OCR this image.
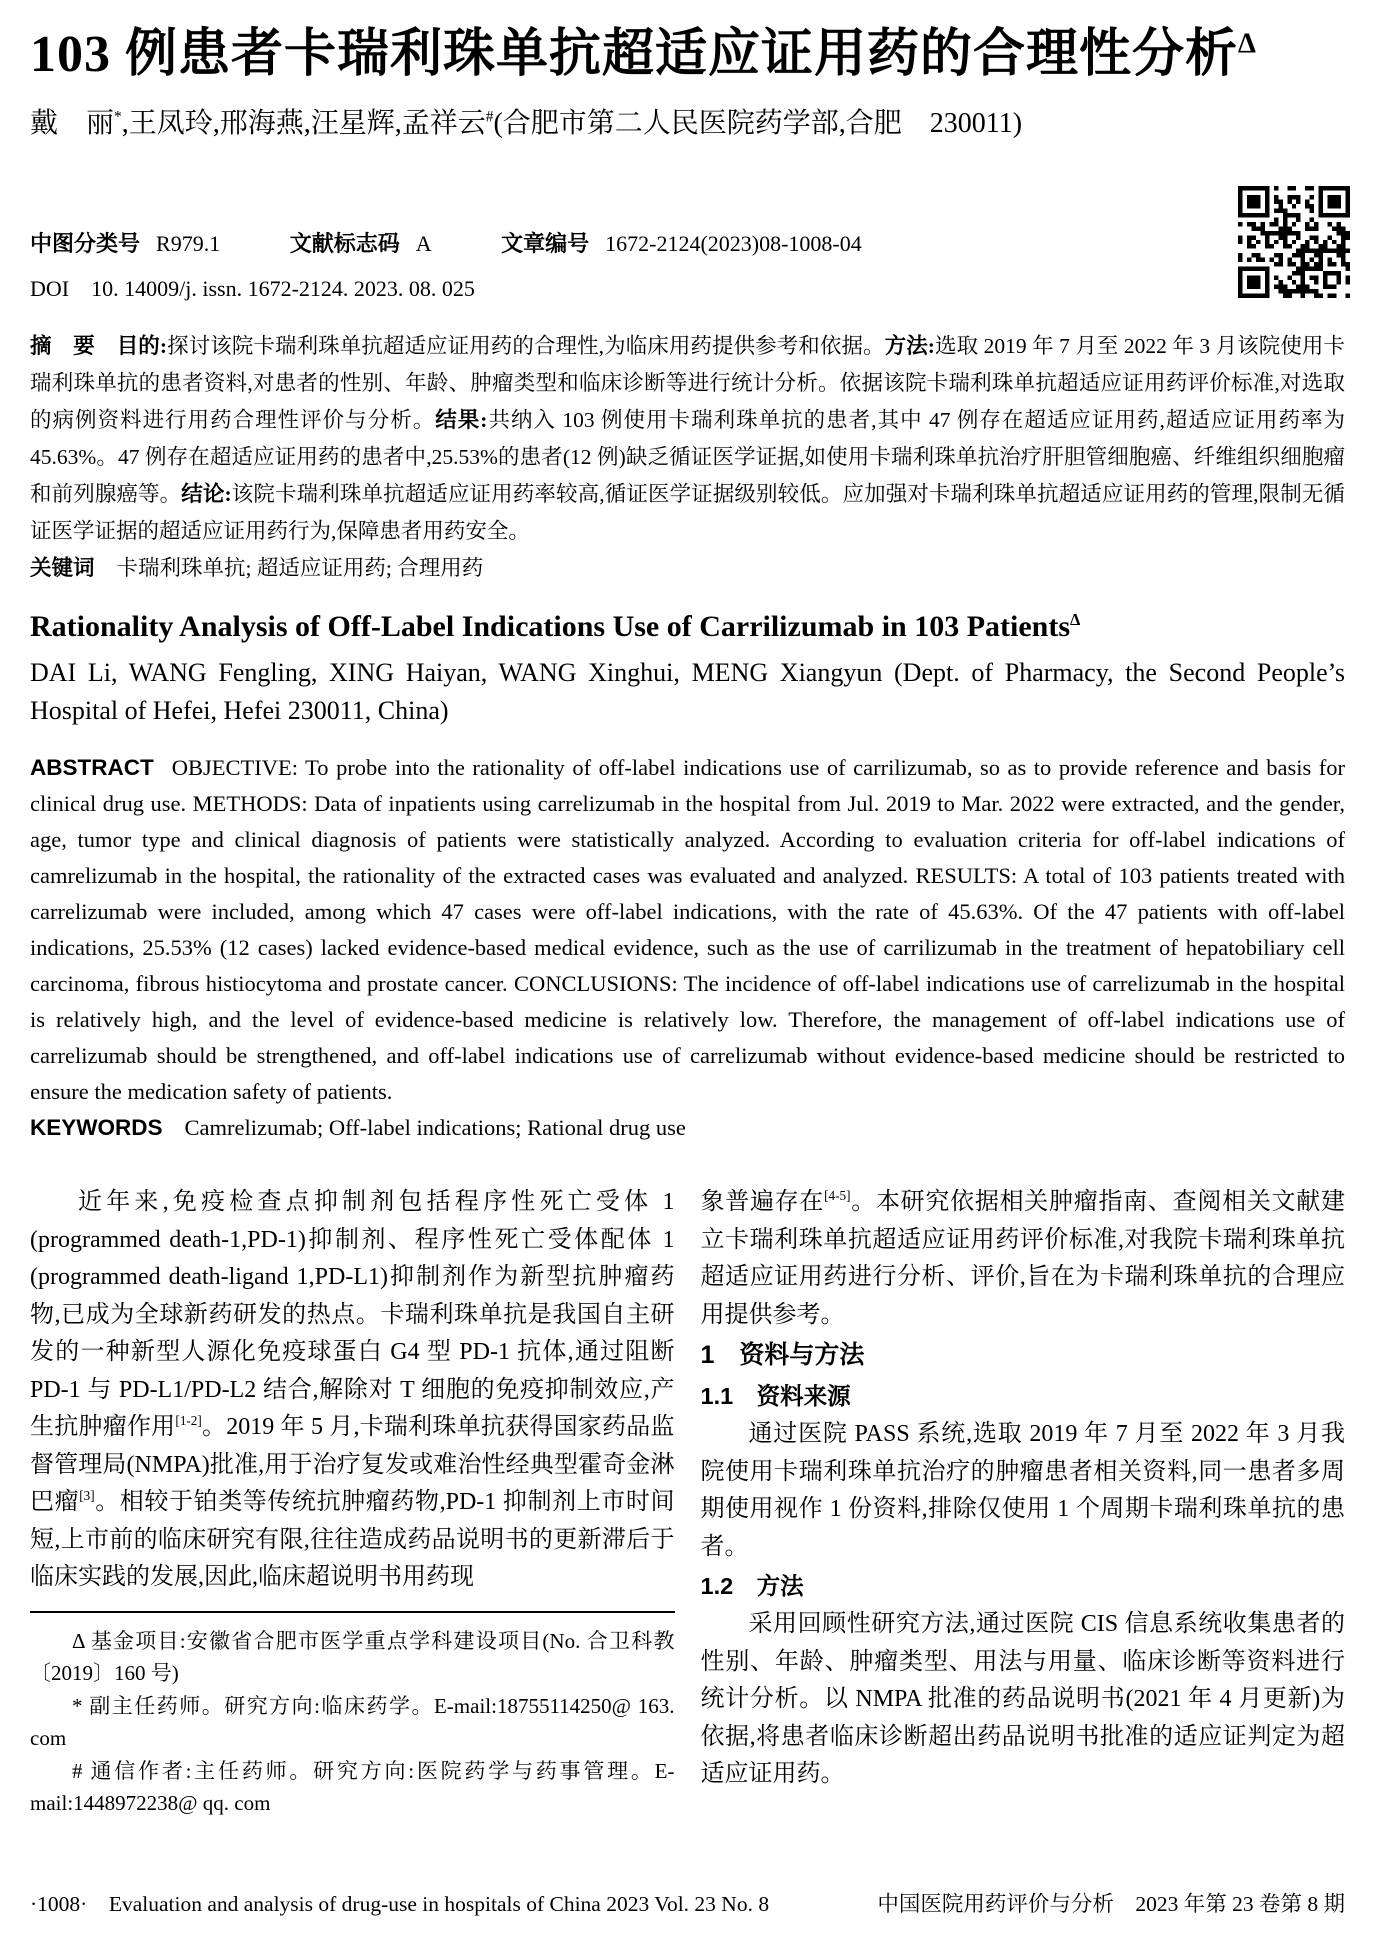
103 例患者卡瑞利珠单抗超适应证用药的合理性分析$^\Delta$
戴　丽*,王凤玲,邢海燕,汪星辉,孟祥云#(合肥市第二人民医院药学部,合肥　230011)
中图分类号 R979.1	文献标志码 A	文章编号 1672-2124(2023)08-1008-04
DOI 10. 14009/j. issn. 1672-2124. 2023. 08. 025
摘　要 目的:探讨该院卡瑞利珠单抗超适应证用药的合理性,为临床用药提供参考和依据。方法:选取 2019 年 7 月至 2022 年 3 月该院使用卡瑞利珠单抗的患者资料,对患者的性别、年龄、肿瘤类型和临床诊断等进行统计分析。依据该院卡瑞利珠单抗超适应证用药评价标准,对选取的病例资料进行用药合理性评价与分析。结果:共纳入 103 例使用卡瑞利珠单抗的患者,其中 47 例存在超适应证用药,超适应证用药率为 45.63%。47 例存在超适应证用药的患者中,25.53%的患者(12 例)缺乏循证医学证据,如使用卡瑞利珠单抗治疗肝胆管细胞癌、纤维组织细胞瘤和前列腺癌等。结论:该院卡瑞利珠单抗超适应证用药率较高,循证医学证据级别较低。应加强对卡瑞利珠单抗超适应证用药的管理,限制无循证医学证据的超适应证用药行为,保障患者用药安全。
关键词 卡瑞利珠单抗; 超适应证用药; 合理用药
Rationality Analysis of Off-Label Indications Use of Carrilizumab in 103 Patients$^\Delta$
DAI Li, WANG Fengling, XING Haiyan, WANG Xinghui, MENG Xiangyun (Dept. of Pharmacy, the Second People’s Hospital of Hefei, Hefei 230011, China)
ABSTRACT OBJECTIVE: To probe into the rationality of off-label indications use of carrilizumab, so as to provide reference and basis for clinical drug use. METHODS: Data of inpatients using carrelizumab in the hospital from Jul. 2019 to Mar. 2022 were extracted, and the gender, age, tumor type and clinical diagnosis of patients were statistically analyzed. According to evaluation criteria for off-label indications of camrelizumab in the hospital, the rationality of the extracted cases was evaluated and analyzed. RESULTS: A total of 103 patients treated with carrelizumab were included, among which 47 cases were off-label indications, with the rate of 45.63%. Of the 47 patients with off-label indications, 25.53% (12 cases) lacked evidence-based medical evidence, such as the use of carrilizumab in the treatment of hepatobiliary cell carcinoma, fibrous histiocytoma and prostate cancer. CONCLUSIONS: The incidence of off-label indications use of carrelizumab in the hospital is relatively high, and the level of evidence-based medicine is relatively low. Therefore, the management of off-label indications use of carrelizumab should be strengthened, and off-label indications use of carrelizumab without evidence-based medicine should be restricted to ensure the medication safety of patients.
KEYWORDS Camrelizumab; Off-label indications; Rational drug use

近年来,免疫检查点抑制剂包括程序性死亡受体 1 (programmed death-1,PD-1)抑制剂、程序性死亡受体配体 1 (programmed death-ligand 1,PD-L1)抑制剂作为新型抗肿瘤药物,已成为全球新药研发的热点。卡瑞利珠单抗是我国自主研发的一种新型人源化免疫球蛋白 G4 型 PD-1 抗体,通过阻断 PD-1 与 PD-L1/PD-L2 结合,解除对 T 细胞的免疫抑制效应,产生抗肿瘤作用[1-2]。2019 年 5 月,卡瑞利珠单抗获得国家药品监督管理局(NMPA)批准,用于治疗复发或难治性经典型霍奇金淋巴瘤[3]。相较于铂类等传统抗肿瘤药物,PD-1 抑制剂上市时间短,上市前的临床研究有限,往往造成药品说明书的更新滞后于临床实践的发展,因此,临床超说明书用药现

Δ 基金项目:安徽省合肥市医学重点学科建设项目(No. 合卫科教〔2019〕160 号)

* 副主任药师。研究方向:临床药学。E-mail:18755114250@ 163. com

# 通信作者:主任药师。研究方向:医院药学与药事管理。E-mail:1448972238@ qq. com

象普遍存在[4-5]。本研究依据相关肿瘤指南、查阅相关文献建立卡瑞利珠单抗超适应证用药评价标准,对我院卡瑞利珠单抗超适应证用药进行分析、评价,旨在为卡瑞利珠单抗的合理应用提供参考。

1　资料与方法
1.1　资料来源

通过医院 PASS 系统,选取 2019 年 7 月至 2022 年 3 月我院使用卡瑞利珠单抗治疗的肿瘤患者相关资料,同一患者多周期使用视作 1 份资料,排除仅使用 1 个周期卡瑞利珠单抗的患者。

1.2　方法

采用回顾性研究方法,通过医院 CIS 信息系统收集患者的性别、年龄、肿瘤类型、用法与用量、临床诊断等资料进行统计分析。以 NMPA 批准的药品说明书(2021 年 4 月更新)为依据,将患者临床诊断超出药品说明书批准的适应证判定为超适应证用药。

·1008·　Evaluation and analysis of drug-use in hospitals of China 2023 Vol. 23 No. 8	中国医院用药评价与分析　2023 年第 23 卷第 8 期
